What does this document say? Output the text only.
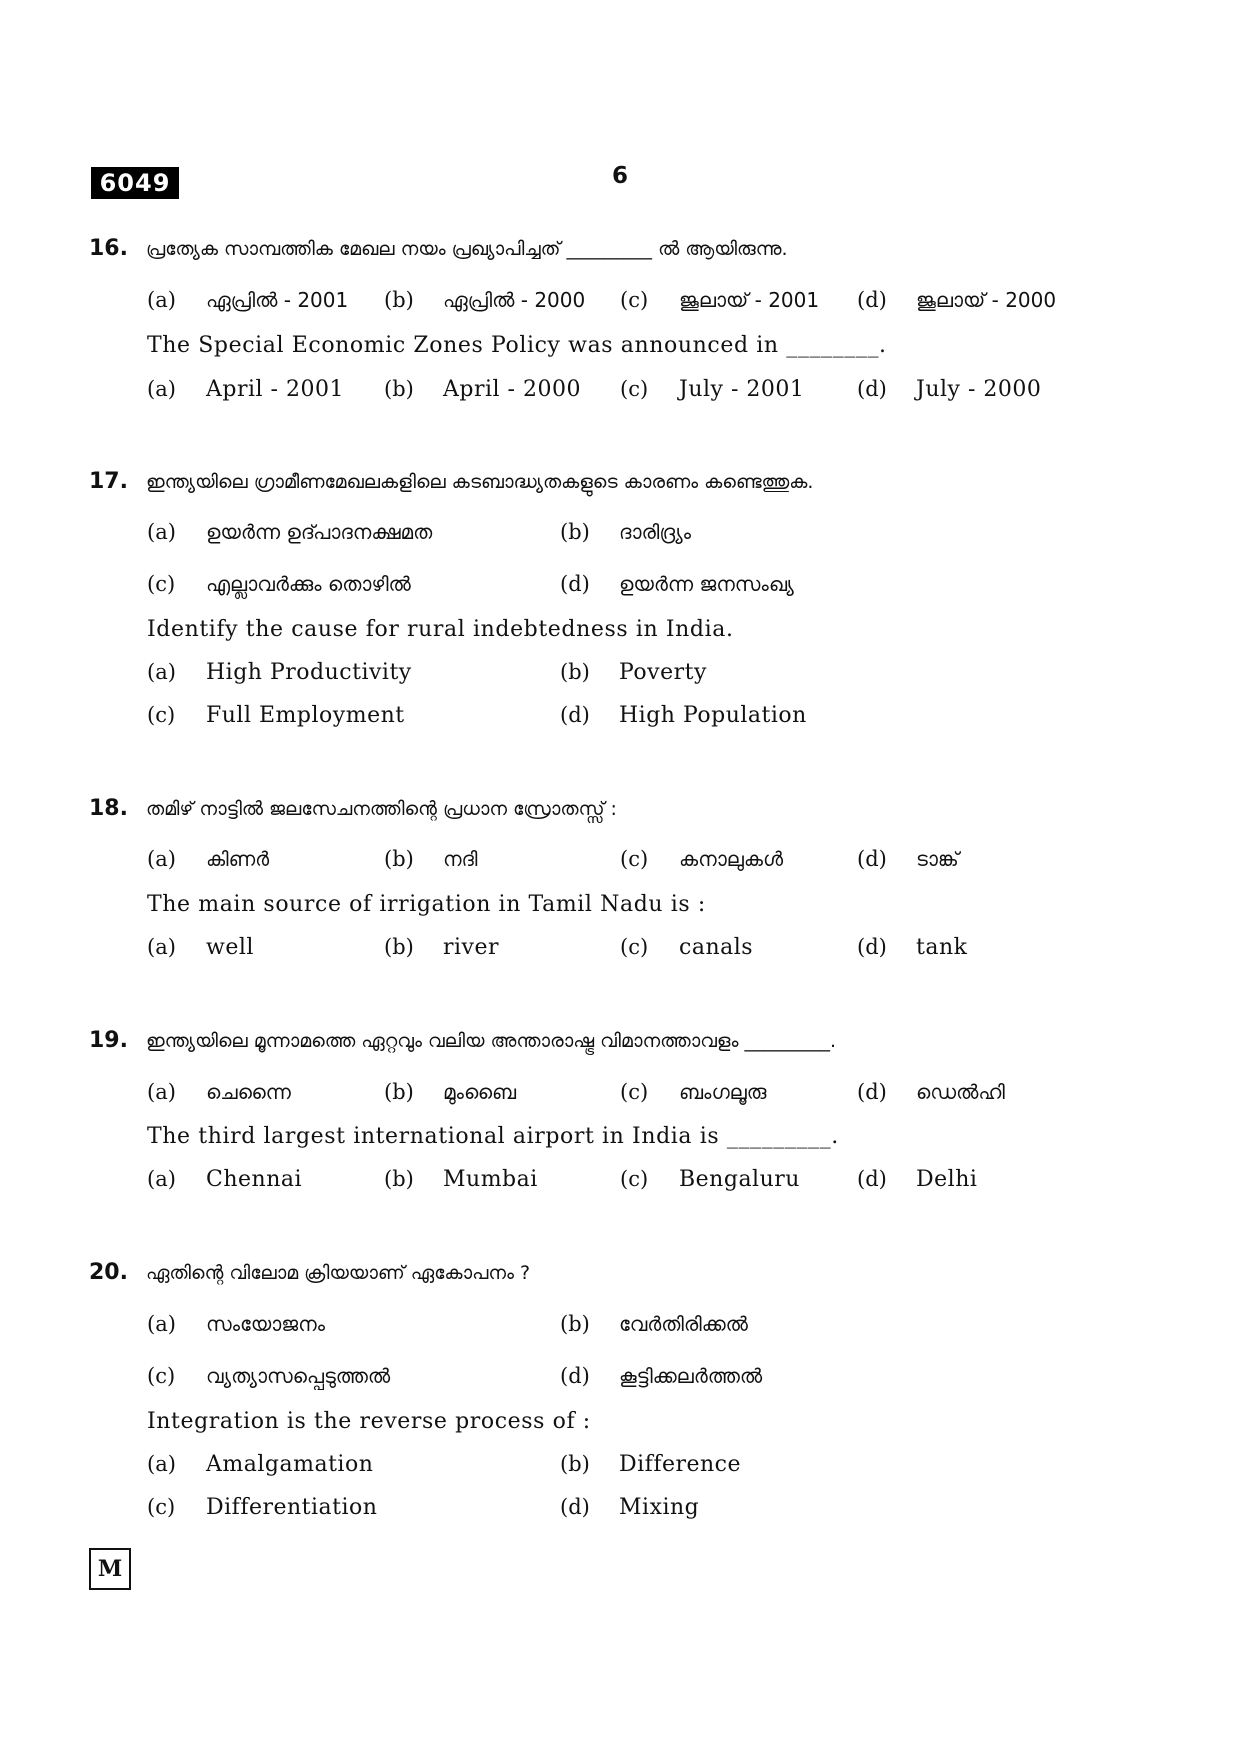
6049	6
16. പ്രത്യേക സാമ്പത്തിക മേഖല നയം പ്രഖ്യാപിച്ചത് _________ ൽ ആയിരുന്നു.
(a) ഏപ്രിൽ - 2001 (b) ഏപ്രിൽ - 2000 (c) ജൂലായ് - 2001 (d) ജൂലായ് - 2000
The Special Economic Zones Policy was announced in ________.
(a) April - 2001 (b) April - 2000 (c) July - 2001	(d) July - 2000
17. ഇന്ത്യയിലെ ഗ്രാമീണമേഖലകളിലെ കടബാദ്ധ്യതകളുടെ കാരണം കണ്ടെത്തുക.
(a) ഉയർന്ന ഉദ്പാദനക്ഷമത	(b) ദാരിദ്ര്യം
(c) എല്ലാവർക്കും തൊഴിൽ	(d) ഉയർന്ന ജനസംഖ്യ
Identify the cause for rural indebtedness in India.
(a) High Productivity	(b) Poverty
(c) Full Employment	(d) High Population
18. തമിഴ് നാട്ടിൽ ജലസേചനത്തിന്റെ പ്രധാന സ്രോതസ്സ് :
(a) കിണർ	(b) നദി	(c) കനാലുകൾ	(d) ടാങ്ക്
The main source of irrigation in Tamil Nadu is :
(a) well	(b) river	(c) canals	(d) tank
19. ഇന്ത്യയിലെ മൂന്നാമത്തെ ഏറ്റവും വലിയ അന്താരാഷ്ട്ര വിമാനത്താവളം _________.
(a) ചെന്നൈ	(b) മുംബൈ	(c) ബംഗലൂരു	(d) ഡെൽഹി
The third largest international airport in India is _________.
(a) Chennai	(b) Mumbai	(c) Bengaluru	(d) Delhi
20. ഏതിന്റെ വിലോമ ക്രിയയാണ് ഏകോപനം ?
(a) സംയോജനം	(b) വേർതിരിക്കൽ
(c) വ്യത്യാസപ്പെടുത്തൽ	(d) കൂട്ടിക്കലർത്തൽ
Integration is the reverse process of :
(a) Amalgamation	(b) Difference
(c) Differentiation	(d) Mixing
M
